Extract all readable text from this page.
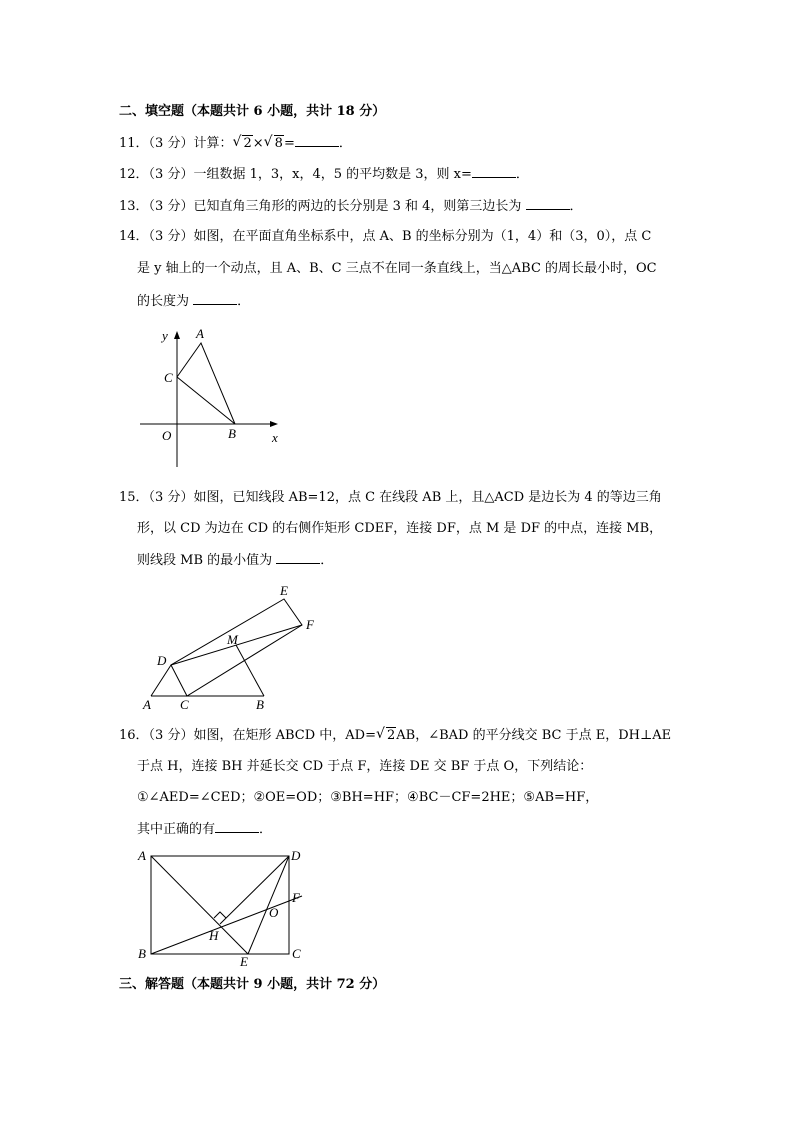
二、填空题（本题共计 6 小题，共计 18 分）
11．（3 分）计算： √ 2× √ 8=	．
12．（3 分）一组数据 1，3，x，4，5 的平均数是 3，则 x=	．
13．（3 分）已知直角三角形的两边的长分别是 3 和 4，则第三边长为	．
14．（3 分）如图，在平面直角坐标系中，点 A、B 的坐标分别为（1，4）和（3，0），点 C
是 y 轴上的一个动点，且 A、B、C 三点不在同一条直线上，当△ABC 的周长最小时，OC
的长度为	．
y A
C
O	B	x
15．（3 分）如图，已知线段 AB=12，点 C 在线段 AB 上，且△ACD 是边长为 4 的等边三角
形，以 CD 为边在 CD 的右侧作矩形 CDEF，连接 DF，点 M 是 DF 的中点，连接 MB，
则线段 MB 的最小值为	．
E
F
M
D
A C	B
16．（3 分）如图，在矩形 ABCD 中，AD= √ 2AB，∠BAD 的平分线交 BC 于点 E，DH⊥AE
于点 H，连接 BH 并延长交 CD 于点 F，连接 DE 交 BF 于点 O，下列结论：
①∠AED=∠CED；②OE=OD；③BH=HF；④BC－CF=2HE；⑤AB=HF，
其中正确的有	．
A	D
F
O
H
B	C
E
三、解答题（本题共计 9 小题，共计 72 分）
